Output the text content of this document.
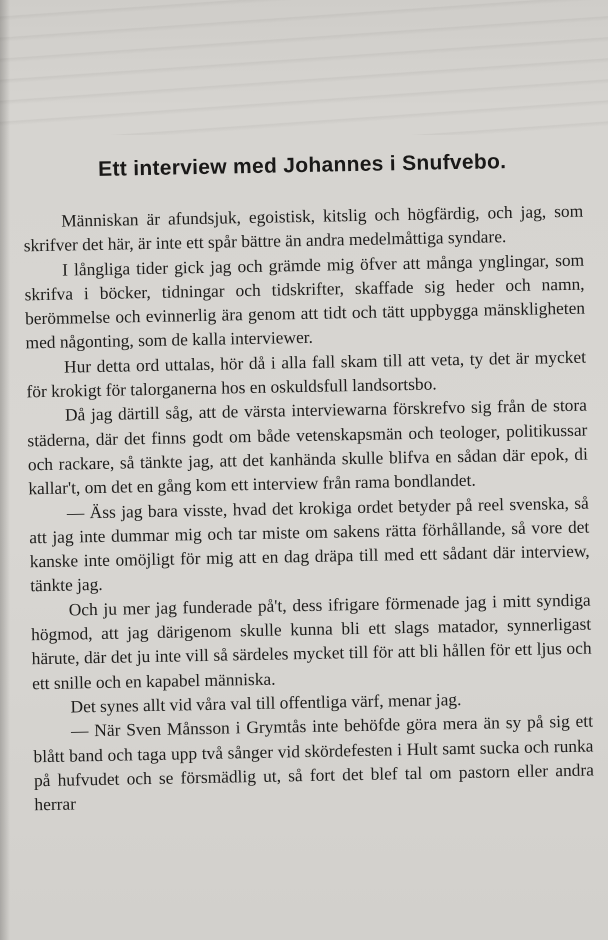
Ett interview med Johannes i Snufvebo.

Människan är afundsjuk, egoistisk, kitslig och högfärdig, och jag, som skrifver det här, är inte ett spår bättre än andra medelmåttiga syndare.

I långliga tider gick jag och grämde mig öfver att många ynglingar, som skrifva i böcker, tidningar och tidskrifter, skaffade sig heder och namn, berömmelse och evinnerlig ära genom att tidt och tätt uppbygga mänskligheten med någonting, som de kalla interviewer.

Hur detta ord uttalas, hör då i alla fall skam till att veta, ty det är mycket för krokigt för talorganerna hos en oskuldsfull landsortsbo.

Då jag därtill såg, att de värsta interviewarna förskrefvo sig från de stora städerna, där det finns godt om både vetenskapsmän och teologer, politikussar och rackare, så tänkte jag, att det kanhända skulle blifva en sådan där epok, di kallar't, om det en gång kom ett interview från rama bondlandet.

— Äss jag bara visste, hvad det krokiga ordet betyder på reel svenska, så att jag inte dummar mig och tar miste om sakens rätta förhållande, så vore det kanske inte omöjligt för mig att en dag dräpa till med ett sådant där interview, tänkte jag.

Och ju mer jag funderade på't, dess ifrigare förmenade jag i mitt syndiga högmod, att jag därigenom skulle kunna bli ett slags matador, synnerligast härute, där det ju inte vill så särdeles mycket till för att bli hållen för ett ljus och ett snille och en kapabel människa.

Det synes allt vid våra val till offentliga värf, menar jag.

— När Sven Månsson i Grymtås inte behöfde göra mera än sy på sig ett blått band och taga upp två sånger vid skördefesten i Hult samt sucka och runka på hufvudet och se försmädlig ut, så fort det blef tal om pastorn eller andra herrar
